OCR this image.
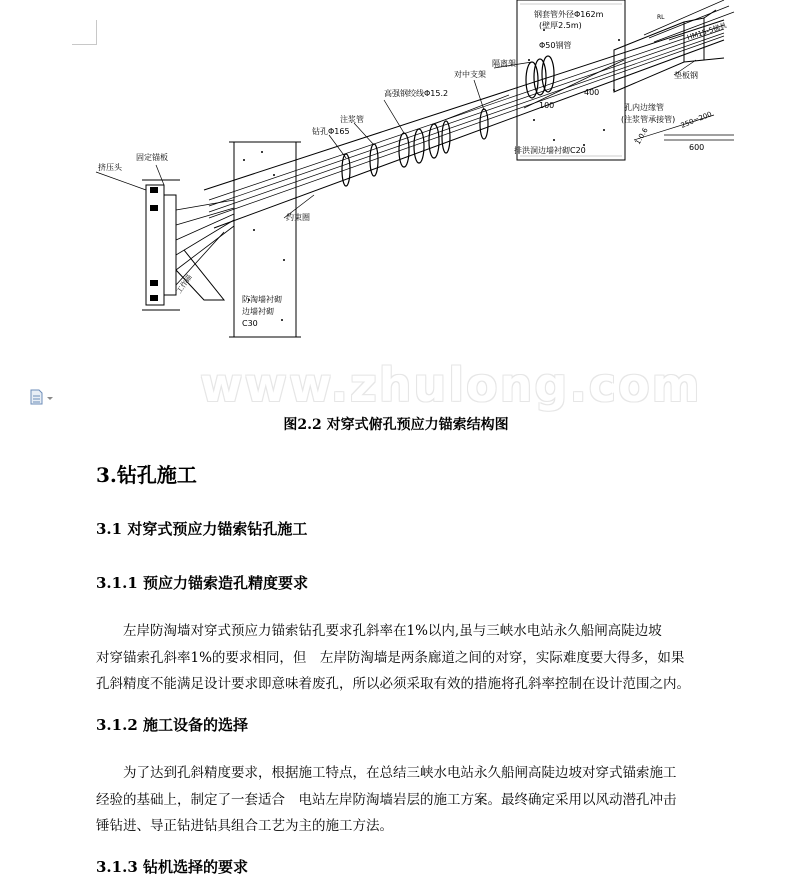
钢套管外径Φ162m
(壁厚2.5m)
Φ50钢管
RL
高强钢绞线Φ15.2
对中支架
隔离架
钻孔Φ165
注浆管
HM15-5锚具
垫板钢
100
400
孔内边缘管
(注浆管承接管)
排洪洞边墙衬砌C20
1:0.6
250=200
600
挤压头
固定锚板
工作锚
防淘墙衬砌
边墙衬砌
C30
约束圈
www.zhulong.com
图2.2 对穿式俯孔预应力锚索结构图
3.钻孔施工
3.1 对穿式预应力锚索钻孔施工
3.1.1 预应力锚索造孔精度要求
　　左岸防淘墙对穿式预应力锚索钻孔要求孔斜率在1%以内,虽与三峡水电站永久船闸高陡边坡
对穿锚索孔斜率1%的要求相同，但　左岸防淘墙是两条廊道之间的对穿，实际难度要大得多，如果
孔斜精度不能满足设计要求即意味着废孔，所以必须采取有效的措施将孔斜率控制在设计范围之内。
3.1.2 施工设备的选择
　　为了达到孔斜精度要求，根据施工特点，在总结三峡水电站永久船闸高陡边坡对穿式锚索施工
经验的基础上，制定了一套适合　电站左岸防淘墙岩层的施工方案。最终确定采用以风动潜孔冲击
锤钻进、导正钻进钻具组合工艺为主的施工方法。
3.1.3 钻机选择的要求
